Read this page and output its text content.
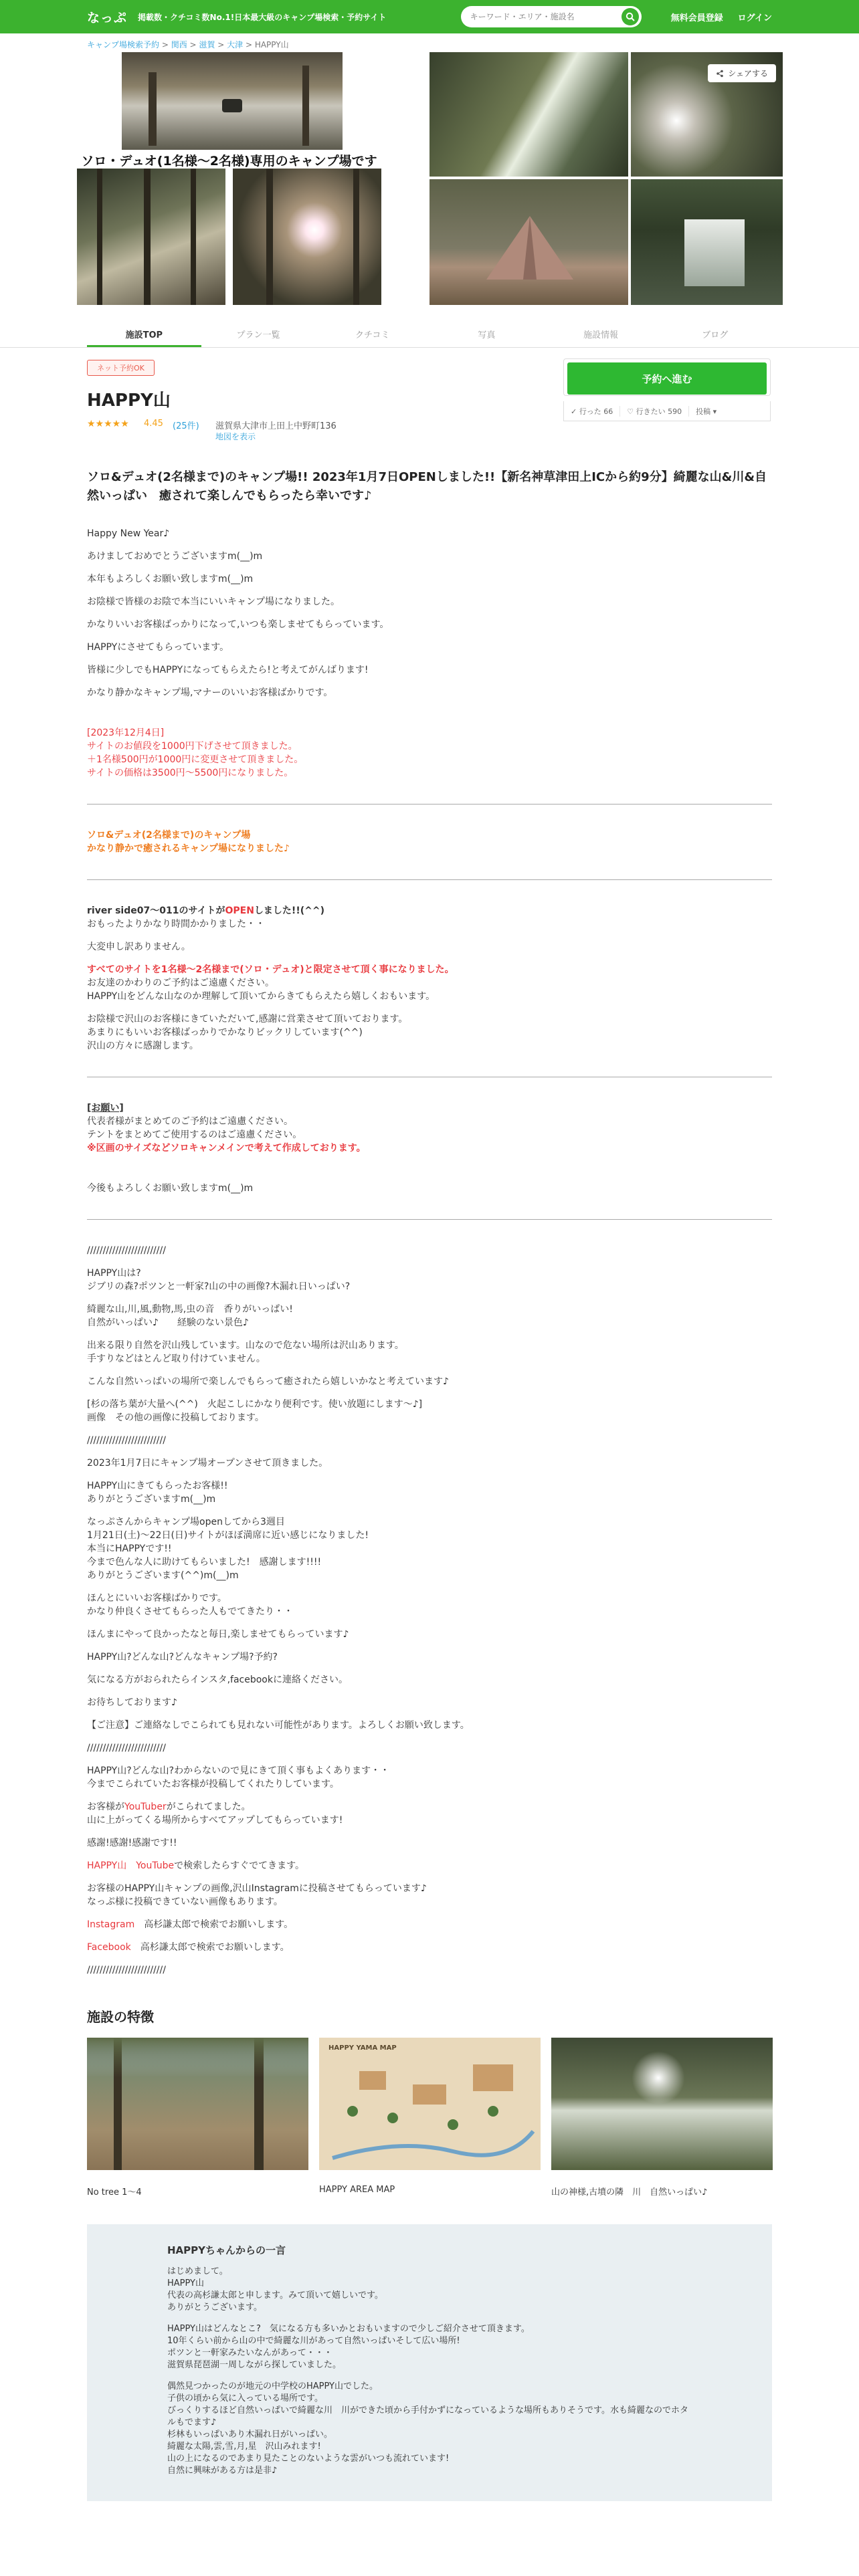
なっぷ 掲載数・クチコミ数No.1!日本最大級のキャンプ場検索・予約サイト
キーワード・エリア・施設名	無料会員登録 ログイン
キャンプ場検索予約 > 関西 > 滋賀 > 大津 > HAPPY山
ソロ・デュオ(1名様〜2名様)専用のキャンプ場です
シェアする
施設TOP	プラン一覧	クチコミ	写真	施設情報	ブログ
ネット予約OK
HAPPY山
★★★★★ 4.45 (25件) 滋賀県大津市上田上中野町136
地図を表示
予約へ進む
✓ 行った 66	♡ 行きたい 590	投稿 ▾
ソロ&デュオ(2名様まで)のキャンプ場!! 2023年1月7日OPENしました!!【新名神草津田上ICから約9分】綺麗な山&川&自然いっぱい　癒されて楽しんでもらったら幸いです♪

Happy New Year♪

あけましておめでとうございますm(__)m

本年もよろしくお願い致しますm(__)m

お陰様で皆様のお陰で本当にいいキャンプ場になりました。

かなりいいお客様ばっかりになって,いつも楽しませてもらっています。

HAPPYにさせてもらっています。

皆様に少しでもHAPPYになってもらえたら!と考えてがんばります!

かなり静かなキャンプ場,マナーのいいお客様ばかりです。

[2023年12月4日]
サイトのお値段を1000円下げさせて頂きました。
＋1名様500円が1000円に変更させて頂きました。
サイトの価格は3500円〜5500円になりました。
ソロ&デュオ(2名様まで)のキャンプ場
かなり静かで癒されるキャンプ場になりました♪
river side07〜011のサイトがOPENしました!!(^^)
おもったよりかなり時間かかりました・・
大変申し訳ありません。
すべてのサイトを1名様〜2名様まで(ソロ・デュオ)と限定させて頂く事になりました。
お友達のかわりのご予約はご遠慮ください。
HAPPY山をどんな山なのか理解して頂いてからきてもらえたら嬉しくおもいます。
お陰様で沢山のお客様にきていただいて,感謝に営業させて頂いております。
あまりにもいいお客様ばっかりでかなりビックリしています(^^)
沢山の方々に感謝します。
[お願い]
代表者様がまとめてのご予約はご遠慮ください。
テントをまとめてご使用するのはご遠慮ください。
※区画のサイズなどソロキャンメインで考えて作成しております。
今後もよろしくお願い致しますm(__)m

/////////////////////////

HAPPY山は?
ジブリの森?ポツンと一軒家?山の中の画像?木漏れ日いっぱい?

綺麗な山,川,風,動物,馬,虫の音　香りがいっぱい!
自然がいっぱい♪　　経験のない景色♪

出来る限り自然を沢山残しています。山なので危ない場所は沢山あります。
手すりなどはとんど取り付けていません。

こんな自然いっぱいの場所で楽しんでもらって癒されたら嬉しいかなと考えています♪

[杉の落ち葉が大量へ(^^)　火起こしにかなり便利です。使い放題にします〜♪]
画像　その他の画像に投稿しております。

/////////////////////////

2023年1月7日にキャンプ場オープンさせて頂きました。

HAPPY山にきてもらったお客様!!
ありがとうございますm(__)m

なっぷさんからキャンプ場openしてから3週目
1月21日(土)〜22日(日)サイトがほぼ満席に近い感じになりました!
本当にHAPPYです!!
今まで色んな人に助けてもらいました!　感謝します!!!!
ありがとうございます(^^)m(__)m

ほんとにいいお客様ばかりです。
かなり仲良くさせてもらった人もでてきたり・・

ほんまにやって良かったなと毎日,楽しませてもらっています♪

HAPPY山?どんな山?どんなキャンプ場?予約?

気になる方がおられたらインスタ,facebookに連絡ください。

お待ちしております♪

【ご注意】ご連絡なしでこられても見れない可能性があります。よろしくお願い致します。

/////////////////////////

HAPPY山?どんな山?わからないので見にきて頂く事もよくあります・・
今までこられていたお客様が投稿してくれたりしています。

お客様がYouTuberがこられてました。
山に上がってくる場所からすべてアップしてもらっています!

感謝!感謝!感謝です!!

HAPPY山　YouTubeで検索したらすぐでてきます。

お客様のHAPPY山キャンプの画像,沢山Instagramに投稿させてもらっています♪
なっぷ様に投稿できていない画像もあります。

Instagram　高杉謙太郎で検索でお願いします。

Facebook　高杉謙太郎で検索でお願いします。

/////////////////////////

施設の特徴
No tree 1〜4
HAPPY YAMA MAP
HAPPY AREA MAP	山の神様,古墳の隣　川　自然いっぱい♪
HAPPYちゃんからの一言

はじめまして。
HAPPY山
代表の高杉謙太郎と申します。みて頂いて嬉しいです。
ありがとうございます。

HAPPY山はどんなとこ?　気になる方も多いかとおもいますので少しご紹介させて頂きます。
10年くらい前から山の中で綺麗な川があって自然いっぱいそして広い場所!
ポツンと一軒家みたいなんがあって・・・
滋賀県琵琶湖一周しながら探していました。

偶然見つかったのが地元の中学校のHAPPY山でした。
子供の頃から気に入っている場所です。
びっくりするほど自然いっぱいで綺麗な川　川ができた頃から手付かずになっているような場所もありそうです。水も綺麗なのでホタルもでます♪
杉林もいっぱいあり木漏れ日がいっぱい。
綺麗な太陽,雲,雪,月,星　沢山みれます!
山の上になるのであまり見たことのないような雲がいつも流れています!
自然に興味がある方は是非♪
